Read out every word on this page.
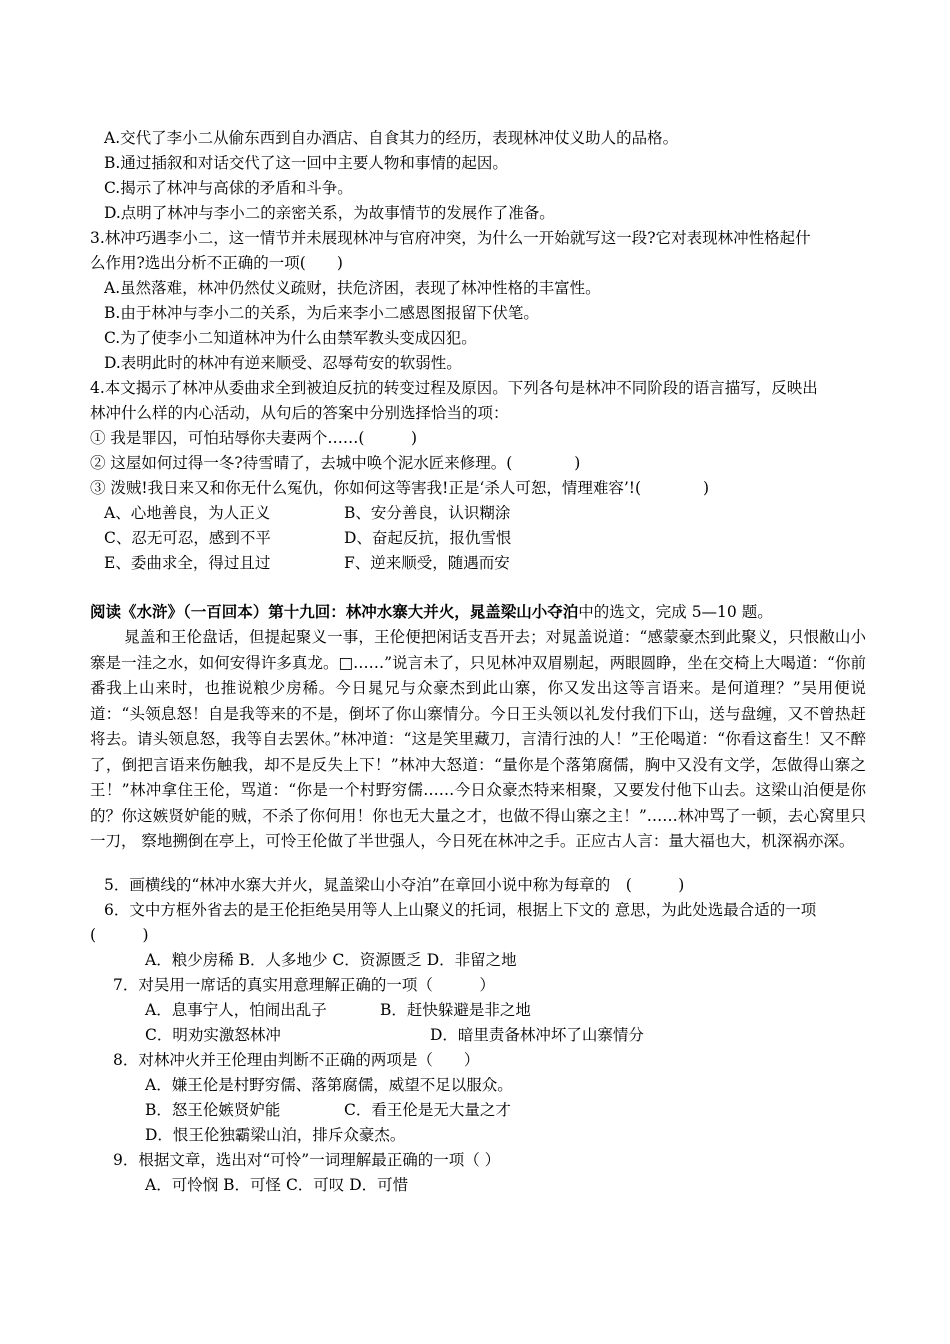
A.交代了李小二从偷东西到自办酒店、自食其力的经历，表现林冲仗义助人的品格。
B.通过插叙和对话交代了这一回中主要人物和事情的起因。
C.揭示了林冲与高俅的矛盾和斗争。
D.点明了林冲与李小二的亲密关系，为故事情节的发展作了准备。
3.林冲巧遇李小二，这一情节并未展现林冲与官府冲突，为什么一开始就写这一段?它对表现林冲性格起什
么作用?选出分析不正确的一项(　　)
A.虽然落难，林冲仍然仗义疏财，扶危济困，表现了林冲性格的丰富性。
B.由于林冲与李小二的关系，为后来李小二感恩图报留下伏笔。
C.为了使李小二知道林冲为什么由禁军教头变成囚犯。
D.表明此时的林冲有逆来顺受、忍辱苟安的软弱性。
4.本文揭示了林冲从委曲求全到被迫反抗的转变过程及原因。下列各句是林冲不同阶段的语言描写，反映出
林冲什么样的内心活动，从句后的答案中分别选择恰当的项：
① 我是罪囚，可怕玷辱你夫妻两个……(　　　)
② 这屋如何过得一冬?待雪晴了，去城中唤个泥水匠来修理。(　　　　)
③ 泼贼!我日来又和你无什么冤仇，你如何这等害我!正是‘杀人可恕，情理难容’!(　　　　)
A、心地善良，为人正义	B、安分善良，认识糊涂
C、忍无可忍，感到不平	D、奋起反抗，报仇雪恨
E、委曲求全，得过且过	F、逆来顺受，随遇而安
阅读《水浒》（一百回本）第十九回：林冲水寨大并火，晁盖梁山小夺泊中的选文，完成 5—10 题。
晁盖和王伦盘话，但提起聚义一事，王伦便把闲话支吾开去；对晁盖说道：“感蒙豪杰到此聚义，只恨敝山小寨是一洼之水，如何安得许多真龙。□……”说言未了，只见林冲双眉剔起，两眼圆睁，坐在交椅上大喝道：“你前番我上山来时，也推说粮少房稀。今日晁兄与众豪杰到此山寨，你又发出这等言语来。是何道理？”吴用便说道：“头领息怒！自是我等来的不是，倒坏了你山寨情分。今日王头领以礼发付我们下山，送与盘缠，又不曾热赶将去。请头领息怒，我等自去罢休。”林冲道：“这是笑里藏刀，言清行浊的人！”王伦喝道：“你看这畜生！又不醉了，倒把言语来伤触我，却不是反失上下！”林冲大怒道：“量你是个落第腐儒，胸中又没有文学，怎做得山寨之王！”林冲拿住王伦，骂道：“你是一个村野穷儒……今日众豪杰特来相聚，又要发付他下山去。这梁山泊便是你的？你这嫉贤妒能的贼，不杀了你何用！你也无大量之才，也做不得山寨之主！”……林冲骂了一顿，去心窝里只一刀， 察地搠倒在亭上，可怜王伦做了半世强人，今日死在林冲之手。正应古人言：量大福也大，机深祸亦深。
5．画横线的“林冲水寨大并火，晁盖梁山小夺泊”在章回小说中称为每章的　(　　　)
6．文中方框外省去的是王伦拒绝吴用等人上山聚义的托词，根据上下文的 意思，为此处选最合适的一项
(　　　)
A．粮少房稀 B．人多地少 C．资源匮乏 D．非留之地
7．对吴用一席话的真实用意理解正确的一项（　　　）
A．息事宁人，怕闹出乱子	B．赶快躲避是非之地
C．明劝实激怒林冲	D．暗里责备林冲坏了山寨情分
8．对林冲火并王伦理由判断不正确的两项是（　　）
A．嫌王伦是村野穷儒、落第腐儒，威望不足以服众。
B．怒王伦嫉贤妒能	C．看王伦是无大量之才
D．恨王伦独霸梁山泊，排斥众豪杰。
9．根据文章，选出对“可怜”一词理解最正确的一项（ ）
A．可怜悯 B．可怪 C．可叹 D．可惜
